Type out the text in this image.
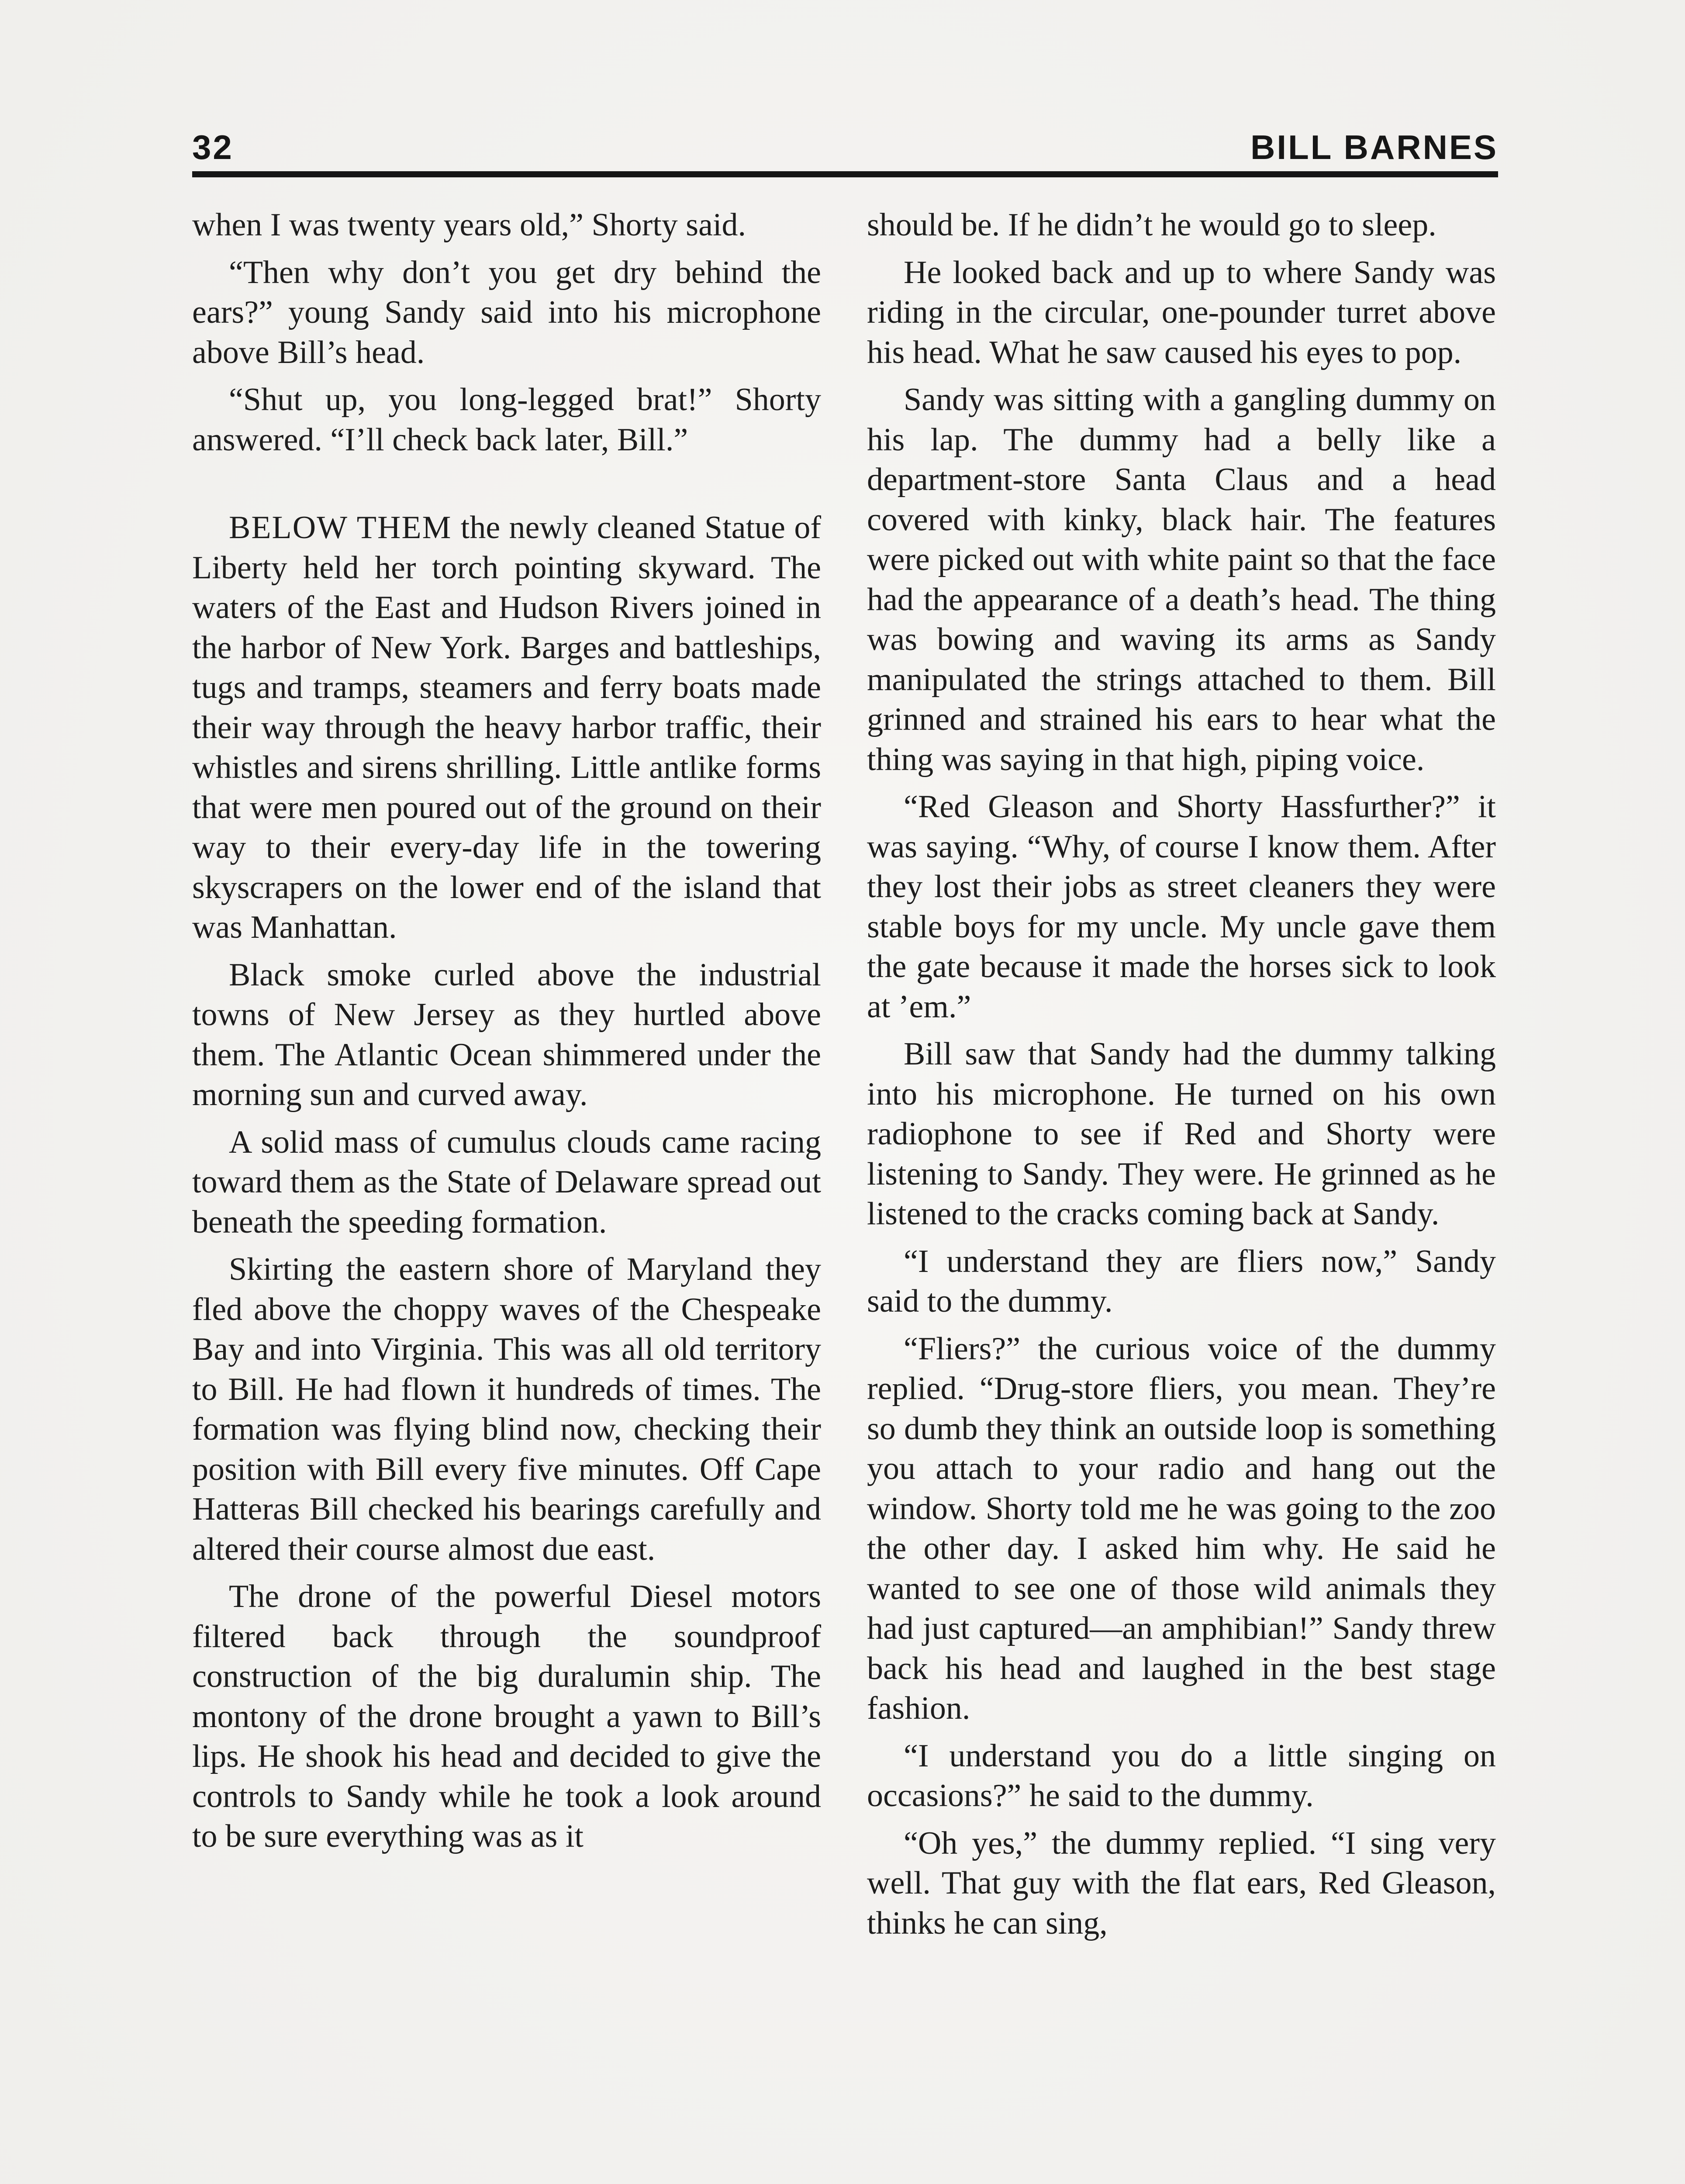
32	BILL BARNES

when I was twenty years old,” Shorty said.

“Then why don’t you get dry behind the ears?” young Sandy said into his microphone above Bill’s head.

“Shut up, you long-legged brat!” Shorty answered. “I’ll check back later, Bill.”

BELOW THEM the newly cleaned Statue of Liberty held her torch pointing skyward. The waters of the East and Hudson Rivers joined in the harbor of New York. Barges and battleships, tugs and tramps, steamers and ferry boats made their way through the heavy harbor traffic, their whistles and sirens shrilling. Little antlike forms that were men poured out of the ground on their way to their every-day life in the towering skyscrapers on the lower end of the island that was Manhattan.

Black smoke curled above the industrial towns of New Jersey as they hurtled above them. The Atlantic Ocean shimmered under the morning sun and curved away.

A solid mass of cumulus clouds came racing toward them as the State of Delaware spread out beneath the speeding formation.

Skirting the eastern shore of Maryland they fled above the choppy waves of the Chespeake Bay and into Virginia. This was all old territory to Bill. He had flown it hundreds of times. The formation was flying blind now, checking their position with Bill every five minutes. Off Cape Hatteras Bill checked his bearings carefully and altered their course almost due east.

The drone of the powerful Diesel motors filtered back through the soundproof construction of the big duralumin ship. The montony of the drone brought a yawn to Bill’s lips. He shook his head and decided to give the controls to Sandy while he took a look around to be sure everything was as it

should be. If he didn’t he would go to sleep.

He looked back and up to where Sandy was riding in the circular, one-pounder turret above his head. What he saw caused his eyes to pop.

Sandy was sitting with a gangling dummy on his lap. The dummy had a belly like a department-store Santa Claus and a head covered with kinky, black hair. The features were picked out with white paint so that the face had the appearance of a death’s head. The thing was bowing and waving its arms as Sandy manipulated the strings attached to them. Bill grinned and strained his ears to hear what the thing was saying in that high, piping voice.

“Red Gleason and Shorty Hassfurther?” it was saying. “Why, of course I know them. After they lost their jobs as street cleaners they were stable boys for my uncle. My uncle gave them the gate because it made the horses sick to look at ’em.”

Bill saw that Sandy had the dummy talking into his microphone. He turned on his own radiophone to see if Red and Shorty were listening to Sandy. They were. He grinned as he listened to the cracks coming back at Sandy.

“I understand they are fliers now,” Sandy said to the dummy.

“Fliers?” the curious voice of the dummy replied. “Drug-store fliers, you mean. They’re so dumb they think an outside loop is something you attach to your radio and hang out the window. Shorty told me he was going to the zoo the other day. I asked him why. He said he wanted to see one of those wild animals they had just captured—an amphibian!” Sandy threw back his head and laughed in the best stage fashion.

“I understand you do a little singing on occasions?” he said to the dummy.

“Oh yes,” the dummy replied. “I sing very well. That guy with the flat ears, Red Gleason, thinks he can sing,
